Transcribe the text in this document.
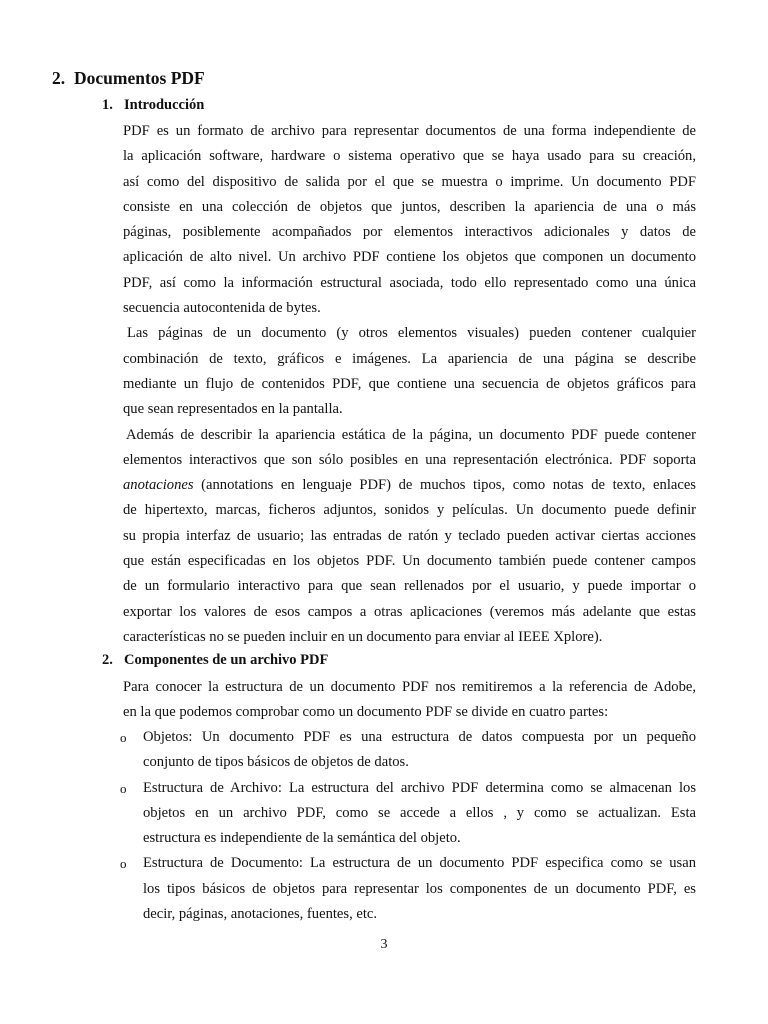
2. Documentos PDF
1. Introducción
PDF es un formato de archivo para representar documentos de una forma independiente de
la aplicación software, hardware o sistema operativo que se haya usado para su creación,
así como del dispositivo de salida por el que se muestra o imprime. Un documento PDF
consiste en una colección de objetos que juntos, describen la apariencia de una o más
páginas, posiblemente acompañados por elementos interactivos adicionales y datos de
aplicación de alto nivel. Un archivo PDF contiene los objetos que componen un documento
PDF, así como la información estructural asociada, todo ello representado como una única
secuencia autocontenida de bytes.
Las páginas de un documento (y otros elementos visuales) pueden contener cualquier
combinación de texto, gráficos e imágenes. La apariencia de una página se describe
mediante un flujo de contenidos PDF, que contiene una secuencia de objetos gráficos para
que sean representados en la pantalla.
Además de describir la apariencia estática de la página, un documento PDF puede contener
elementos interactivos que son sólo posibles en una representación electrónica. PDF soporta
anotaciones (annotations en lenguaje PDF) de muchos tipos, como notas de texto, enlaces
de hipertexto, marcas, ficheros adjuntos, sonidos y películas. Un documento puede definir
su propia interfaz de usuario; las entradas de ratón y teclado pueden activar ciertas acciones
que están especificadas en los objetos PDF. Un documento también puede contener campos
de un formulario interactivo para que sean rellenados por el usuario, y puede importar o
exportar los valores de esos campos a otras aplicaciones (veremos más adelante que estas
características no se pueden incluir en un documento para enviar al IEEE Xplore).
2. Componentes de un archivo PDF
Para conocer la estructura de un documento PDF nos remitiremos a la referencia de Adobe,
en la que podemos comprobar como un documento PDF se divide en cuatro partes:
o Objetos: Un documento PDF es una estructura de datos compuesta por un pequeño
conjunto de tipos básicos de objetos de datos.
o Estructura de Archivo: La estructura del archivo PDF determina como se almacenan los
objetos en un archivo PDF, como se accede a ellos , y como se actualizan. Esta
estructura es independiente de la semántica del objeto.
o Estructura de Documento: La estructura de un documento PDF especifica como se usan
los tipos básicos de objetos para representar los componentes de un documento PDF, es
decir, páginas, anotaciones, fuentes, etc.
3
